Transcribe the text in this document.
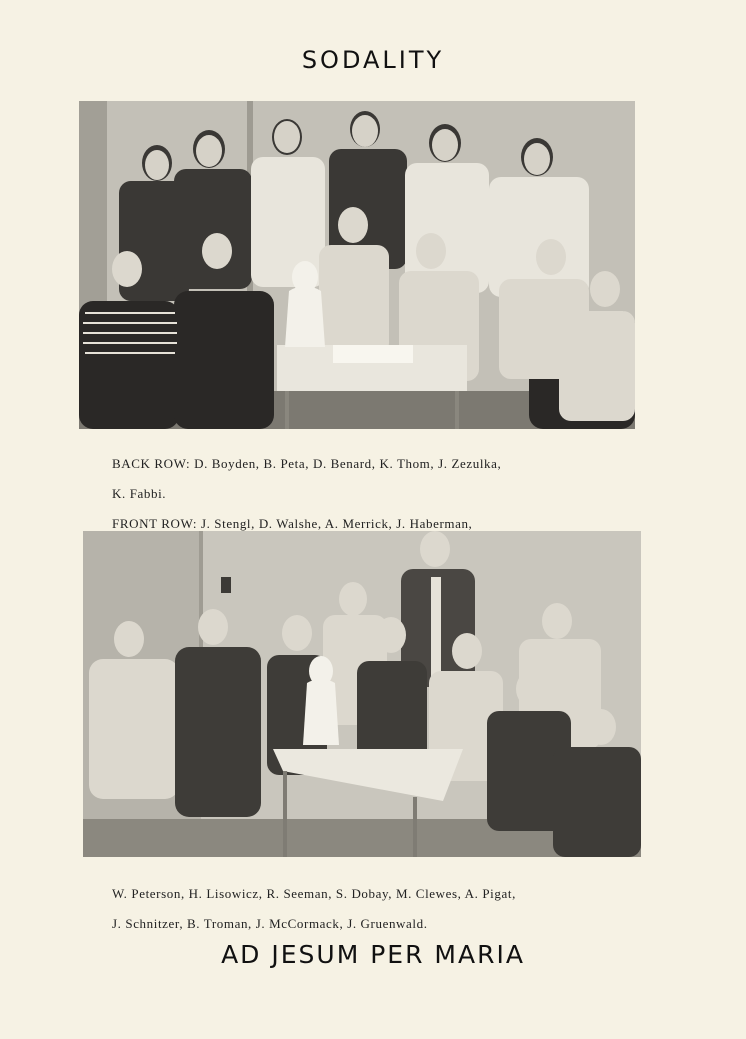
SODALITY

BACK ROW: D. Boyden, B. Peta, D. Benard, K. Thom, J. Zezulka,

K. Fabbi.

FRONT ROW: J. Stengl, D. Walshe, A. Merrick, J. Haberman,

W. Peterson, H. Lisowicz, R. Seeman, S. Dobay, M. Clewes, A. Pigat,

J. Schnitzer, B. Troman, J. McCormack, J. Gruenwald.

AD JESUM PER MARIA
